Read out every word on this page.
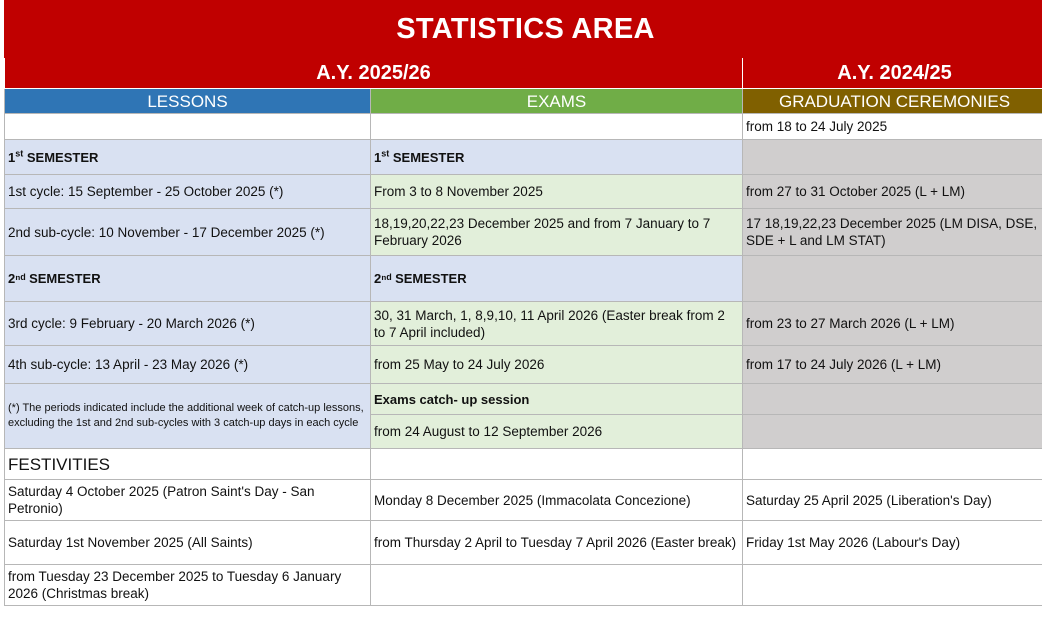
STATISTICS AREA		
A.Y. 2025/26		A.Y. 2024/25
LESSONS	EXAMS	GRADUATION CEREMONIES
		from 18 to 24 July 2025
1st SEMESTER	1st SEMESTER	
1st cycle: 15 September - 25 October 2025 (*)	From 3 to 8 November 2025	from 27 to 31 October 2025 (L + LM)
2nd sub-cycle: 10 November - 17 December 2025 (*)	18,19,20,22,23 December 2025 and from 7 January to 7 February 2026	17 18,19,22,23 December 2025 (LM DISA, DSE, SDE + L and LM STAT)
2ⁿᵈ SEMESTER	2ⁿᵈ SEMESTER	
3rd cycle: 9 February - 20 March 2026 (*)	30, 31 March, 1, 8,9,10, 11 April 2026 (Easter break from 2 to 7 April included)	from 23 to 27 March 2026 (L + LM)
4th sub-cycle: 13 April - 23 May 2026 (*)	from 25 May to 24 July 2026	from 17 to 24 July 2026 (L + LM)
(*) The periods indicated include the additional week of catch-up lessons, excluding the 1st and 2nd sub-cycles with 3 catch-up days in each cycle	Exams catch- up session	
	from 24 August to 12 September 2026	
FESTIVITIES		
Saturday 4 October 2025 (Patron Saint's Day - San Petronio)	Monday 8 December 2025 (Immacolata Concezione)	Saturday 25 April 2025 (Liberation's Day)
Saturday 1st November 2025 (All Saints)	from Thursday 2 April to Tuesday 7 April 2026 (Easter break)	Friday 1st May 2026 (Labour's Day)
from Tuesday 23 December 2025 to Tuesday 6 January 2026 (Christmas break)		
